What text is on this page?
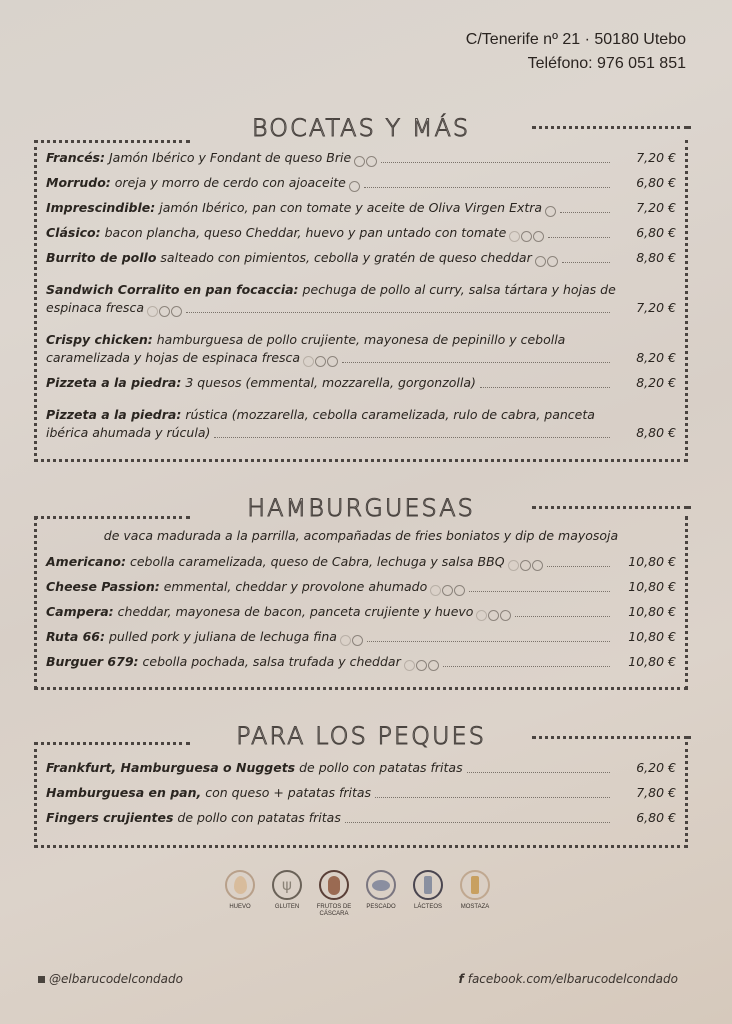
C/Tenerife nº 21 · 50180 Utebo
Teléfono: 976 051 851
BOCATAS Y MÁS
Francés: Jamón Ibérico y Fondant de queso Brie	7,20 €
Morrudo: oreja y morro de cerdo con ajoaceite	6,80 €
Imprescindible: jamón Ibérico, pan con tomate y aceite de Oliva Virgen Extra	7,20 €
Clásico: bacon plancha, queso Cheddar, huevo y pan untado con tomate	6,80 €
Burrito de pollo salteado con pimientos, cebolla y gratén de queso cheddar	8,80 €
Sandwich Corralito en pan focaccia: pechuga de pollo al curry, salsa tártara y hojas de
espinaca fresca	7,20 €
Crispy chicken: hamburguesa de pollo crujiente, mayonesa de pepinillo y cebolla
caramelizada y hojas de espinaca fresca	8,20 €
Pizzeta a la piedra: 3 quesos (emmental, mozzarella, gorgonzolla)	8,20 €
Pizzeta a la piedra: rústica (mozzarella, cebolla caramelizada, rulo de cabra, panceta
ibérica ahumada y rúcula)	8,80 €
HAMBURGUESAS
de vaca madurada a la parrilla, acompañadas de fries boniatos y dip de mayosoja
Americano: cebolla caramelizada, queso de Cabra, lechuga y salsa BBQ	10,80 €
Cheese Passion: emmental, cheddar y provolone ahumado	10,80 €
Campera: cheddar, mayonesa de bacon, panceta crujiente y huevo	10,80 €
Ruta 66: pulled pork y juliana de lechuga fina	10,80 €
Burguer 679: cebolla pochada, salsa trufada y cheddar	10,80 €
PARA LOS PEQUES
Frankfurt, Hamburguesa o Nuggets de pollo con patatas fritas	6,20 €
Hamburguesa en pan, con queso + patatas fritas	7,80 €
Fingers crujientes de pollo con patatas fritas	6,80 €
HUEVO
ψ
GLUTEN	FRUTOS DE CÁSCARA
PESCADO	LÁCTEOS	MOSTAZA
@elbarucodelcondado	f facebook.com/elbarucodelcondado
